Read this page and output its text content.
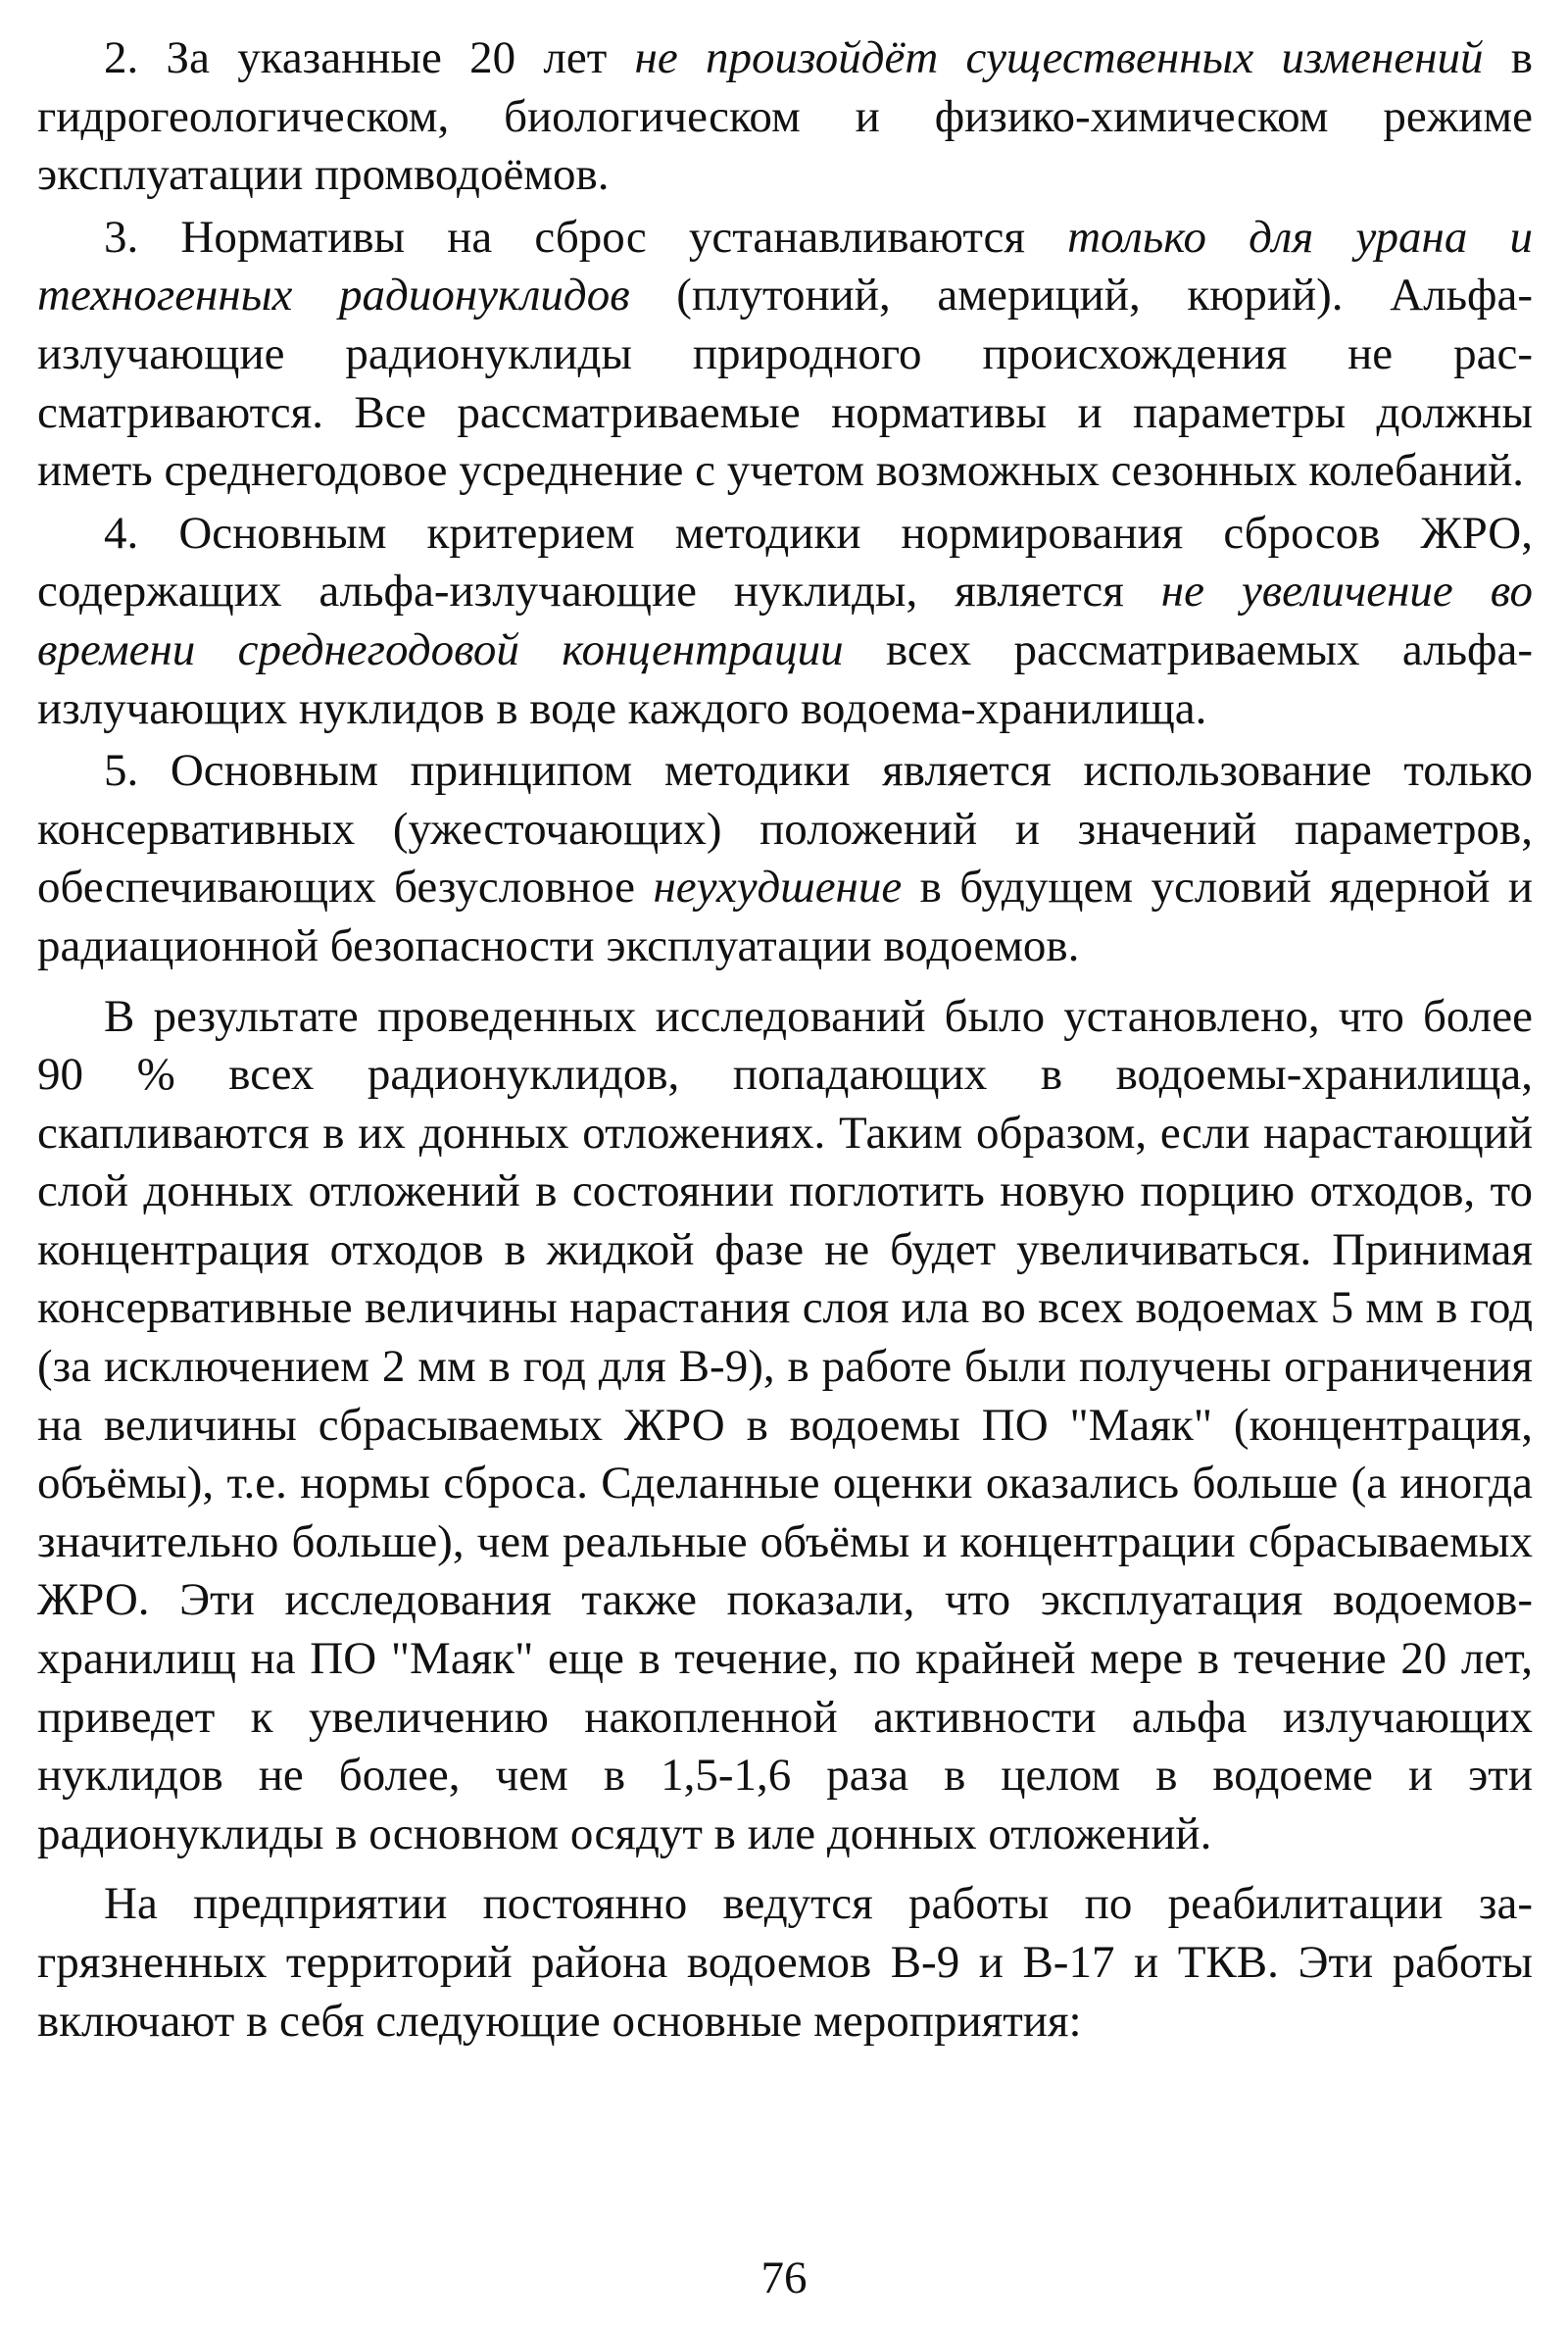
2. За указанные 20 лет не произойдёт существенных изменений в гидрогеологическом, биологическом и физико-химическом режиме эксплуатации промводоёмов.

3. Нормативы на сброс устанавливаются только для урана и техногенных радионуклидов (плутоний, америций, кюрий). Альфа-излучающие радионуклиды природного происхождения не рассматриваются. Все рассматриваемые нормативы и параметры должны иметь среднегодовое усреднение с учетом возможных сезонных колебаний.

4. Основным критерием методики нормирования сбросов ЖРО, содержащих альфа-излучающие нуклиды, является не увеличение во времени среднегодовой концентрации всех рассматриваемых альфа-излучающих нуклидов в воде каждого водоема-хранилища.

5. Основным принципом методики является использование только консервативных (ужесточающих) положений и значений параметров, обеспечивающих безусловное неухудшение в будущем условий ядерной и радиационной безопасности эксплуатации водоемов.

В результате проведенных исследований было установлено, что более 90 % всех радионуклидов, попадающих в водоемы-хранилища, скапливаются в их донных отложениях. Таким образом, если нарастающий слой донных отложений в состоянии поглотить новую порцию отходов, то концентрация отходов в жидкой фазе не будет увеличиваться. Принимая консервативные величины нарастания слоя ила во всех водоемах 5 мм в год (за исключением 2 мм в год для В-9), в работе были получены ограничения на величины сбрасываемых ЖРО в водоемы ПО "Маяк" (концентрация, объёмы), т.е. нормы сброса. Сделанные оценки оказались больше (а иногда значительно больше), чем реальные объёмы и концентрации сбрасываемых ЖРО. Эти исследования также показали, что эксплуатация водоемов-хранилищ на ПО "Маяк" еще в течение, по крайней мере в течение 20 лет, приведет к увеличению накопленной активности альфа излучающих нуклидов не более, чем в 1,5-1,6 раза в целом в водоеме и эти радионуклиды в основном осядут в иле донных отложений.

На предприятии постоянно ведутся работы по реабилитации загрязненных территорий района водоемов В-9 и В-17 и ТКВ. Эти работы включают в себя следующие основные мероприятия:

76
